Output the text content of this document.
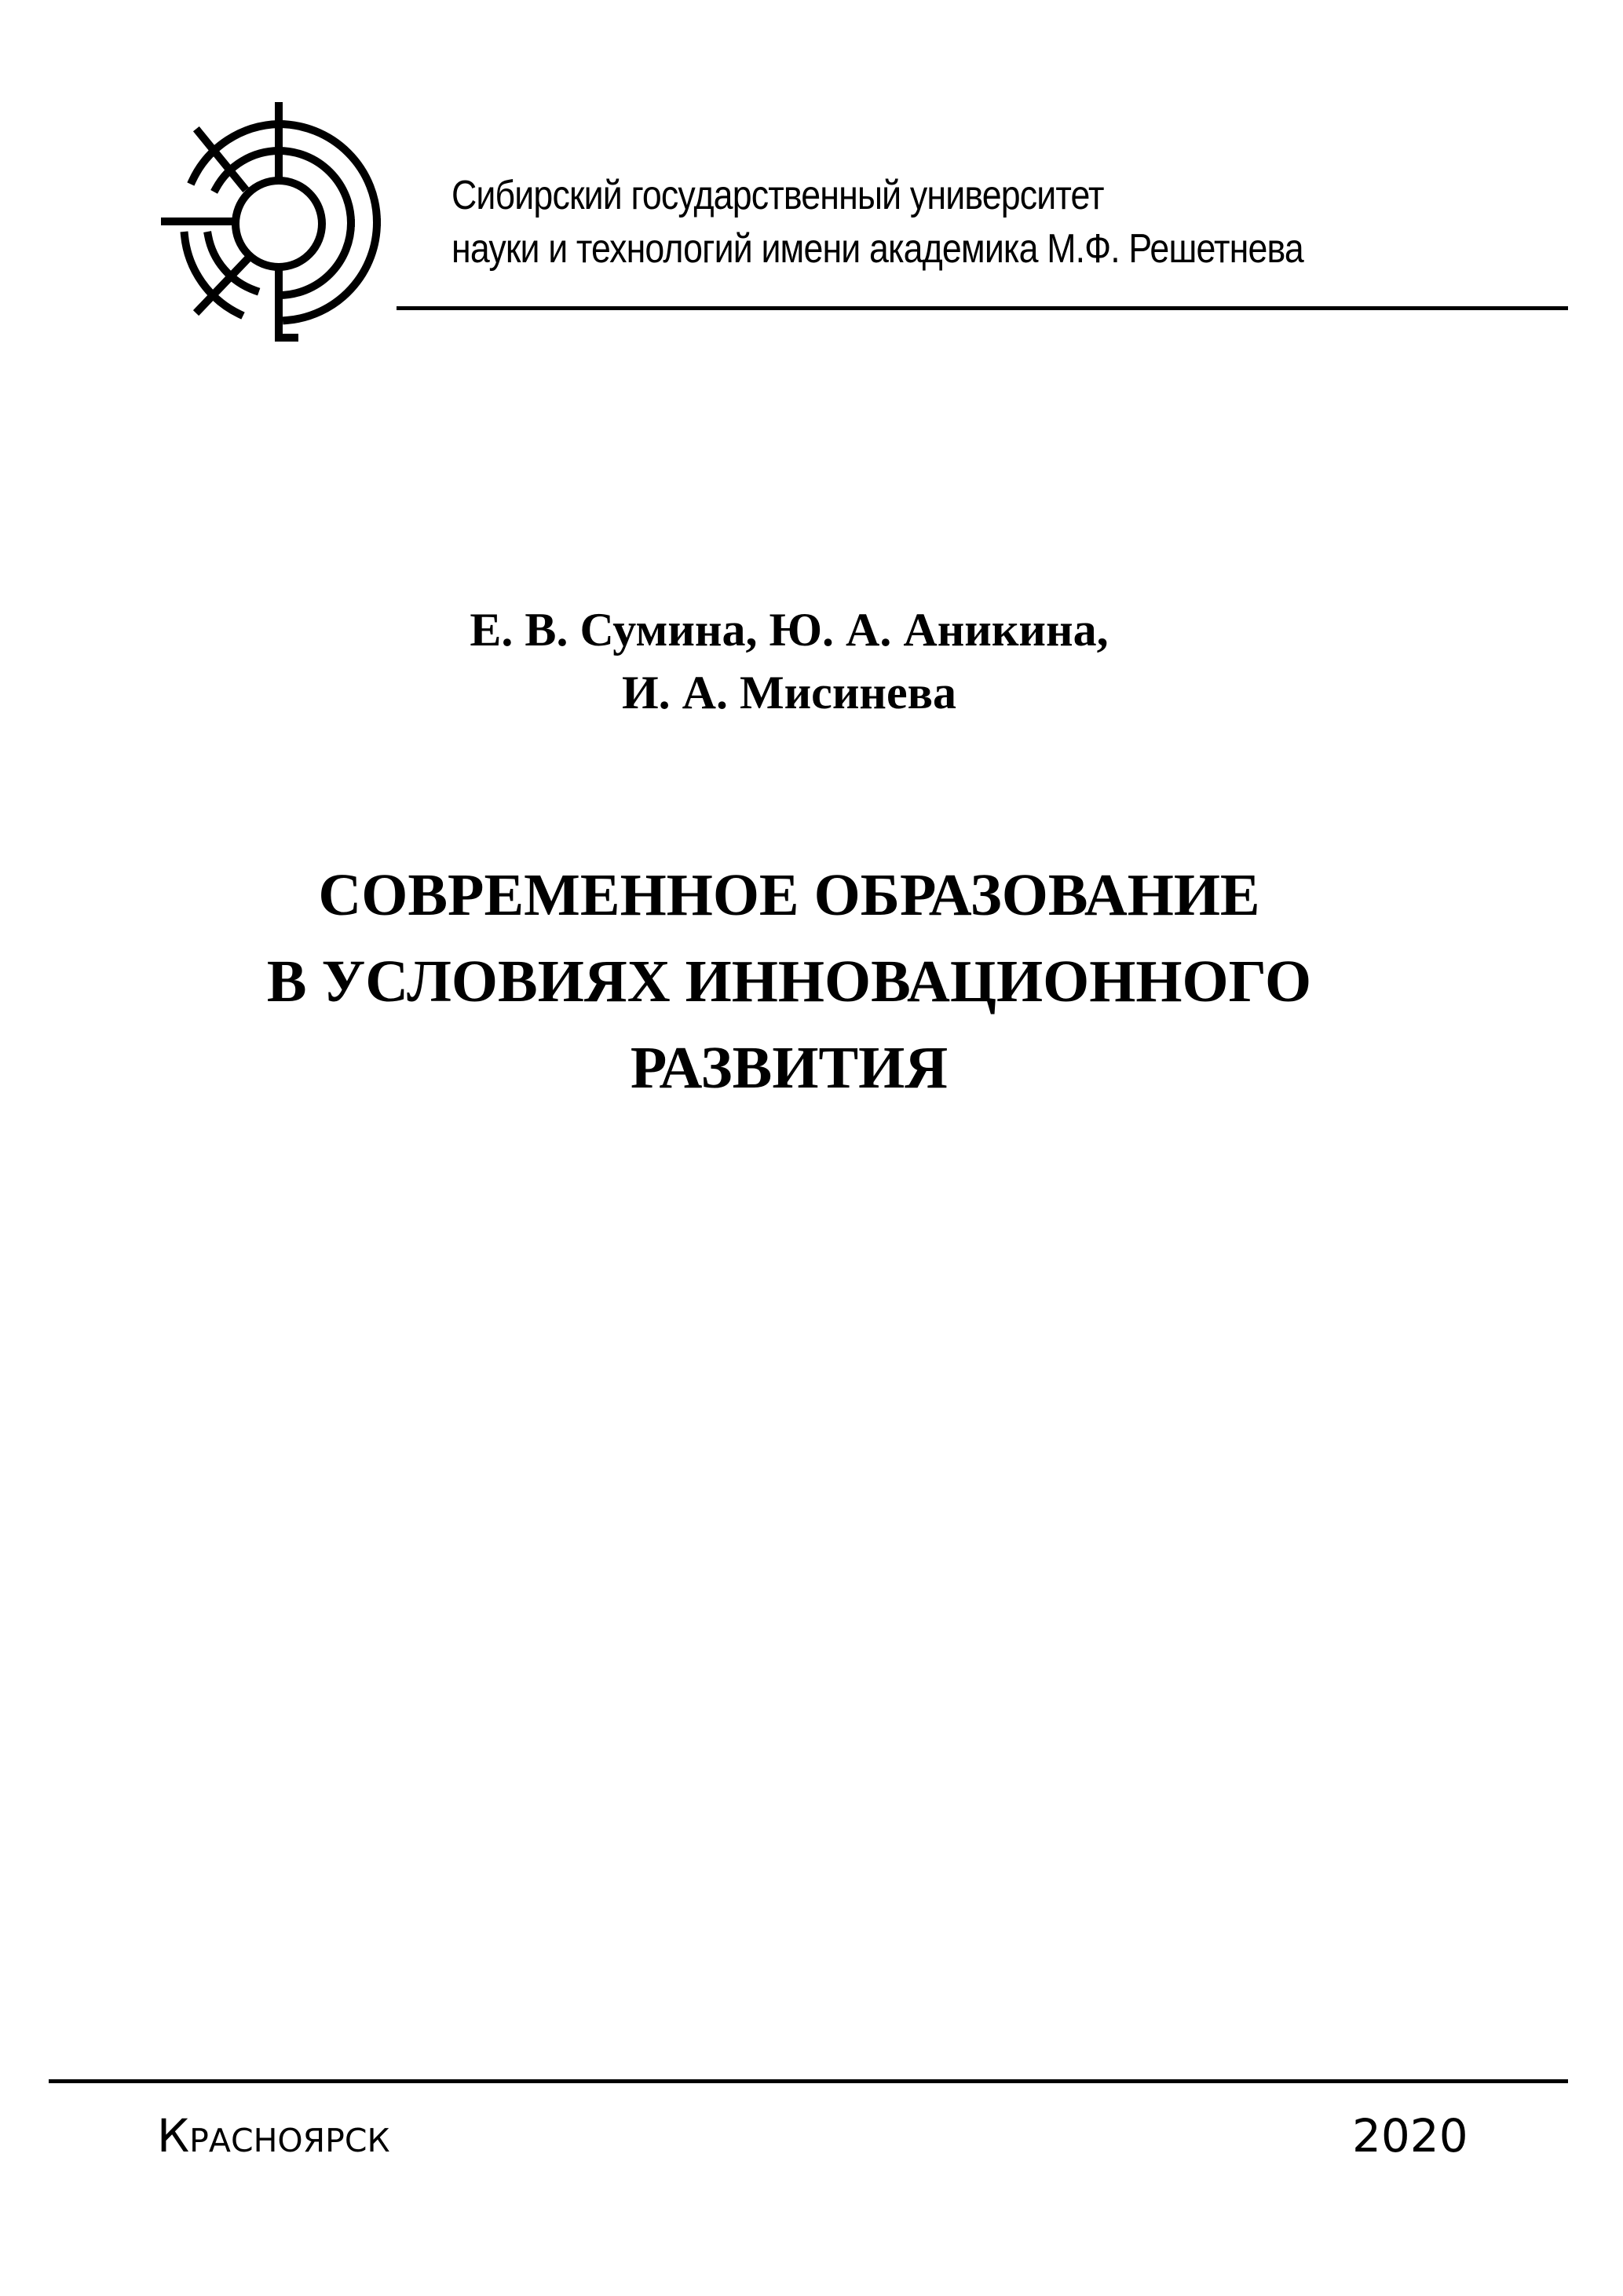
Сибирский государственный университет
науки и технологий имени академика М.Ф. Решетнева
Е. В. Сумина, Ю. А. Аникина,
И. А. Мисинева
СОВРЕМЕННОЕ ОБРАЗОВАНИЕ
В УСЛОВИЯХ ИННОВАЦИОННОГО
РАЗВИТИЯ
Красноярск	2020
